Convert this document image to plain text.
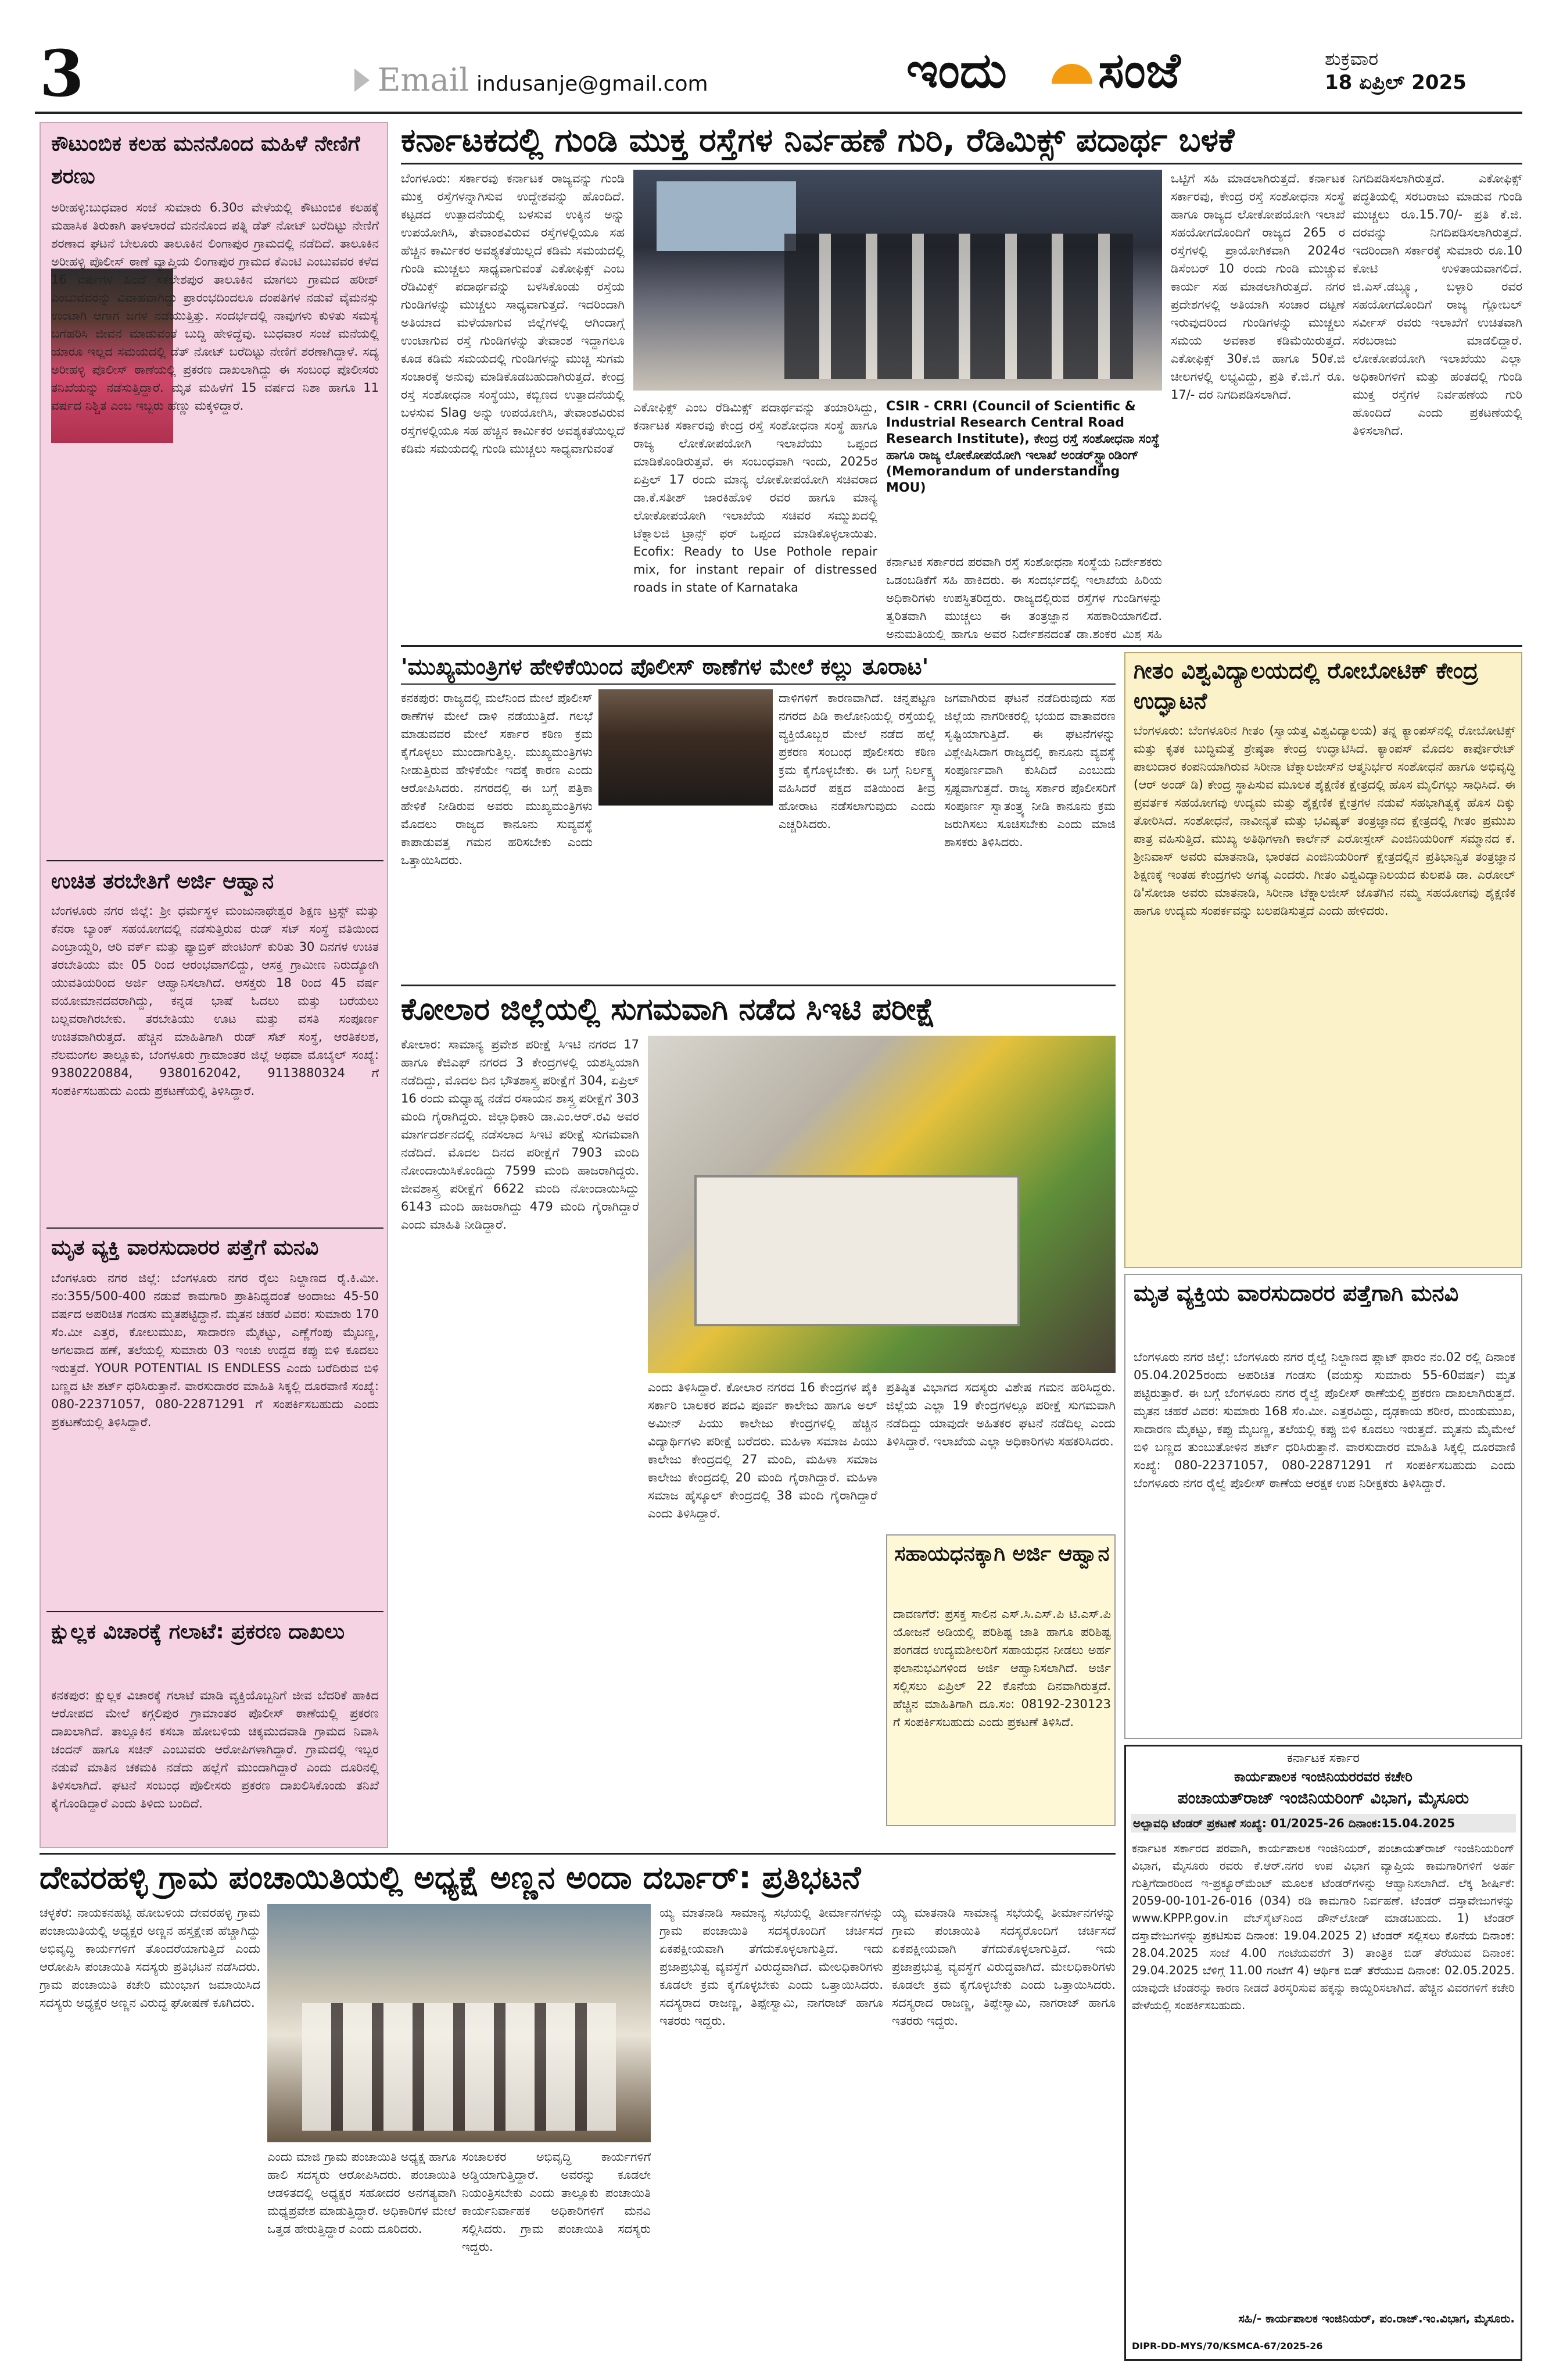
3	Email indusanje@gmail.com	ಇಂದು ಸಂಜೆ	ಶುಕ್ರವಾರ
18 ಏಪ್ರಿಲ್ 2025
ಕೌಟುಂಬಿಕ ಕಲಹ ಮನನೊಂದ ಮಹಿಳೆ ನೇಣಿಗೆ ಶರಣು
ಅರೀಹಳ್ಳಿ:ಬುಧವಾರ ಸಂಜೆ ಸುಮಾರು 6.30ರ ವೇಳೆಯಲ್ಲಿ ಕೌಟುಂಬಿಕ ಕಲಹಕ್ಕೆ ಮಹಾಸಿಕ ತಿರುಕಾಗಿ ತಾಳಲಾರದೆ ಮನನೊಂದ ಪತ್ನಿ ಡೆತ್ ನೋಟ್ ಬರೆದಿಟ್ಟು ನೇಣಿಗೆ ಶರಣಾದ ಘಟನೆ ಬೇಲೂರು ತಾಲೂಕಿನ ಲಿಂಗಾಪುರ ಗ್ರಾಮದಲ್ಲಿ ನಡೆದಿದೆ. ತಾಲೂಕಿನ ಅರೀಹಳ್ಳಿ ಪೊಲೀಸ್ ಠಾಣೆ ವ್ಯಾಪ್ತಿಯ ಲಿಂಗಾಪುರ ಗ್ರಾಮದ ಕೆಎಂಟಿ ಎಂಬುವವರ ಕಳೆದ 16 ವರ್ಷಗಳ ಹಿಂದೆ ಸಕಲೇಶಪುರ ತಾಲೂಕಿನ ಮಾಗಲು ಗ್ರಾಮದ ಹರೀಶ್ ಎಂಬುವವರನ್ನು ವಿವಾಹವಾಗಿದ್ದು ಪ್ರಾರಂಭದಿಂದಲೂ ದಂಪತಿಗಳ ನಡುವೆ ವೈಮನಸ್ಸು ಉಂಟಾಗಿ ಆಗಾಗ ಜಗಳ ನಡೆಯುತ್ತಿತ್ತು. ಸಂದರ್ಭದಲ್ಲಿ ನಾವುಗಳು ಕುಳಿತು ಸಮಸ್ಯೆ ಬಗೆಹರಿಸಿ ಜೀವನ ಮಾಡುವಂತೆ ಬುದ್ದಿ ಹೇಳಿದ್ದೆವು. ಬುಧವಾರ ಸಂಜೆ ಮನೆಯಲ್ಲಿ ಯಾರೂ ಇಲ್ಲದ ಸಮಯದಲ್ಲಿ ಡೆತ್ ನೋಟ್ ಬರೆದಿಟ್ಟು ನೇಣಿಗೆ ಶರಣಾಗಿದ್ದಾಳೆ. ಸದ್ಯ ಅರೀಹಳ್ಳಿ ಪೊಲೀಸ್ ಠಾಣೆಯಲ್ಲಿ ಪ್ರಕರಣ ದಾಖಲಾಗಿದ್ದು ಈ ಸಂಬಂಧ ಪೊಲೀಸರು ತನಿಖೆಯನ್ನು ನಡೆಸುತ್ತಿದ್ದಾರೆ. ಮೃತ ಮಹಿಳೆಗೆ 15 ವರ್ಷದ ನಿಶಾ ಹಾಗೂ 11 ವರ್ಷದ ನಿಶ್ಚಿತ ಎಂಬ ಇಬ್ಬರು ಹೆಣ್ಣು ಮಕ್ಕಳಿದ್ದಾರೆ.
ಉಚಿತ ತರಬೇತಿಗೆ ಅರ್ಜಿ ಆಹ್ವಾನ
ಬೆಂಗಳೂರು ನಗರ ಜಿಲ್ಲೆ: ಶ್ರೀ ಧರ್ಮಸ್ಥಳ ಮಂಜುನಾಥೇಶ್ವರ ಶಿಕ್ಷಣ ಟ್ರಸ್ಟ್ ಮತ್ತು ಕೆನರಾ ಬ್ಯಾಂಕ್ ಸಹಯೋಗದಲ್ಲಿ ನಡೆಸುತ್ತಿರುವ ರುಡ್ ಸೆಟ್ ಸಂಸ್ಥೆ ವತಿಯಿಂದ ಎಂಬ್ರಾಯ್ಡರಿ, ಆರಿ ವರ್ಕ್ ಮತ್ತು ಫ್ಯಾಬ್ರಿಕ್ ಪೇಂಟಿಂಗ್ ಕುರಿತು 30 ದಿನಗಳ ಉಚಿತ ತರಬೇತಿಯು ಮೇ 05 ರಿಂದ ಆರಂಭವಾಗಲಿದ್ದು, ಆಸಕ್ತ ಗ್ರಾಮೀಣ ನಿರುದ್ಯೋಗಿ ಯುವತಿಯರಿಂದ ಅರ್ಜಿ ಆಹ್ವಾನಿಸಲಾಗಿದೆ. ಆಸಕ್ತರು 18 ರಿಂದ 45 ವರ್ಷ ವಯೋಮಾನದವರಾಗಿದ್ದು, ಕನ್ನಡ ಭಾಷೆ ಓದಲು ಮತ್ತು ಬರೆಯಲು ಬಲ್ಲವರಾಗಿರಬೇಕು. ತರಬೇತಿಯು ಊಟ ಮತ್ತು ವಸತಿ ಸಂಪೂರ್ಣ ಉಚಿತವಾಗಿರುತ್ತದೆ. ಹೆಚ್ಚಿನ ಮಾಹಿತಿಗಾಗಿ ರುಡ್ ಸೆಟ್ ಸಂಸ್ಥೆ, ಆರತಿಕಲಶ, ನೆಲಮಂಗಲ ತಾಲ್ಲೂಕು, ಬೆಂಗಳೂರು ಗ್ರಾಮಾಂತರ ಜಿಲ್ಲೆ ಅಥವಾ ಮೊಬೈಲ್ ಸಂಖ್ಯೆ: 9380220884, 9380162042, 9113880324 ಗೆ ಸಂಪರ್ಕಿಸಬಹುದು ಎಂದು ಪ್ರಕಟಣೆಯಲ್ಲಿ ತಿಳಿಸಿದ್ದಾರೆ.
ಮೃತ ವ್ಯಕ್ತಿ ವಾರಸುದಾರರ ಪತ್ತೆಗೆ ಮನವಿ
ಬೆಂಗಳೂರು ನಗರ ಜಿಲ್ಲೆ: ಬೆಂಗಳೂರು ನಗರ ರೈಲು ನಿಲ್ದಾಣದ ರೈ.ಕಿ.ಮೀ. ನಂ:355/500-400 ನಡುವೆ ಕಾಮಗಾರಿ ಪ್ರಾತಿನಿಧ್ಯದಂತೆ ಅಂದಾಜು 45-50 ವರ್ಷದ ಅಪರಿಚಿತ ಗಂಡಸು ಮೃತಪಟ್ಟಿದ್ದಾನೆ. ಮೃತನ ಚಹರೆ ವಿವರ: ಸುಮಾರು 170 ಸೆಂ.ಮೀ ಎತ್ತರ, ಕೋಲುಮುಖ, ಸಾದಾರಣ ಮೈಕಟ್ಟು, ಎಣ್ಣೆಗೆಂಪು ಮೈಬಣ್ಣ, ಅಗಲವಾದ ಹಣೆ, ತಲೆಯಲ್ಲಿ ಸುಮಾರು 03 ಇಂಚು ಉದ್ದದ ಕಪ್ಪು ಬಿಳಿ ಕೂದಲು ಇರುತ್ತದೆ. YOUR POTENTIAL IS ENDLESS ಎಂದು ಬರೆದಿರುವ ಬಿಳಿ ಬಣ್ಣದ ಟೀ ಶರ್ಟ್ ಧರಿಸಿರುತ್ತಾನೆ. ವಾರಸುದಾರರ ಮಾಹಿತಿ ಸಿಕ್ಕಲ್ಲಿ ದೂರವಾಣಿ ಸಂಖ್ಯೆ: 080-22371057, 080-22871291 ಗೆ ಸಂಪರ್ಕಿಸಬಹುದು ಎಂದು ಪ್ರಕಟಣೆಯಲ್ಲಿ ತಿಳಿಸಿದ್ದಾರೆ.
ಕ್ಷುಲ್ಲಕ ವಿಚಾರಕ್ಕೆ ಗಲಾಟೆ: ಪ್ರಕರಣ ದಾಖಲು
ಕನಕಪುರ: ಕ್ಷುಲ್ಲಕ ವಿಚಾರಕ್ಕೆ ಗಲಾಟೆ ಮಾಡಿ ವ್ಯಕ್ತಿಯೊಬ್ಬನಿಗೆ ಜೀವ ಬೆದರಿಕೆ ಹಾಕಿದ ಆರೋಪದ ಮೇಲೆ ಕಗ್ಗಲಿಪುರ ಗ್ರಾಮಾಂತರ ಪೊಲೀಸ್ ಠಾಣೆಯಲ್ಲಿ ಪ್ರಕರಣ ದಾಖಲಾಗಿದೆ. ತಾಲ್ಲೂಕಿನ ಕಸಬಾ ಹೋಬಳಿಯ ಚಿಕ್ಕಮುದವಾಡಿ ಗ್ರಾಮದ ನಿವಾಸಿ ಚಂದನ್ ಹಾಗೂ ಸಚಿನ್ ಎಂಬುವರು ಆರೋಪಿಗಳಾಗಿದ್ದಾರೆ. ಗ್ರಾಮದಲ್ಲಿ ಇಬ್ಬರ ನಡುವೆ ಮಾತಿನ ಚಕಮಕಿ ನಡೆದು ಹಲ್ಲೆಗೆ ಮುಂದಾಗಿದ್ದಾರೆ ಎಂದು ದೂರಿನಲ್ಲಿ ತಿಳಿಸಲಾಗಿದೆ. ಘಟನೆ ಸಂಬಂಧ ಪೊಲೀಸರು ಪ್ರಕರಣ ದಾಖಲಿಸಿಕೊಂಡು ತನಿಖೆ ಕೈಗೊಂಡಿದ್ದಾರೆ ಎಂದು ತಿಳಿದು ಬಂದಿದೆ.
ಕರ್ನಾಟಕದಲ್ಲಿ ಗುಂಡಿ ಮುಕ್ತ ರಸ್ತೆಗಳ ನಿರ್ವಹಣೆ ಗುರಿ, ರೆಡಿಮಿಕ್ಸ್ ಪದಾರ್ಥ ಬಳಕೆ
ಬೆಂಗಳೂರು: ಸರ್ಕಾರವು ಕರ್ನಾಟಕ ರಾಜ್ಯವನ್ನು ಗುಂಡಿ ಮುಕ್ತ ರಸ್ತೆಗಳನ್ನಾಗಿಸುವ ಉದ್ದೇಶವನ್ನು ಹೊಂದಿದೆ. ಕಟ್ಟಡದ ಉತ್ಪಾದನೆಯಲ್ಲಿ ಬಳಸುವ ಉಕ್ಕಿನ ಅನ್ನು ಉಪಯೋಗಿಸಿ, ತೇವಾಂಶವಿರುವ ರಸ್ತೆಗಳಲ್ಲಿಯೂ ಸಹ ಹೆಚ್ಚಿನ ಕಾರ್ಮಿಕರ ಅವಶ್ಯಕತೆಯಿಲ್ಲದೆ ಕಡಿಮೆ ಸಮಯದಲ್ಲಿ ಗುಂಡಿ ಮುಚ್ಚಲು ಸಾಧ್ಯವಾಗುವಂತೆ ಎಕೋಫಿಕ್ಸ್ ಎಂಬ ರೆಡಿಮಿಕ್ಸ್ ಪದಾರ್ಥವನ್ನು ಬಳಸಿಕೊಂಡು ರಸ್ತೆಯ ಗುಂಡಿಗಳನ್ನು ಮುಚ್ಚಲು ಸಾಧ್ಯವಾಗುತ್ತದೆ. ಇದರಿಂದಾಗಿ ಅತಿಯಾದ ಮಳೆಯಾಗುವ ಜಿಲ್ಲೆಗಳಲ್ಲಿ ಆಗಿಂದಾಗ್ಗೆ ಉಂಟಾಗುವ ರಸ್ತೆ ಗುಂಡಿಗಳನ್ನು ತೇವಾಂಶ ಇದ್ದಾಗಲೂ ಕೂಡ ಕಡಿಮೆ ಸಮಯದಲ್ಲಿ ಗುಂಡಿಗಳನ್ನು ಮುಚ್ಚಿ ಸುಗಮ ಸಂಚಾರಕ್ಕೆ ಅನುವು ಮಾಡಿಕೊಡಬಹುದಾಗಿರುತ್ತದೆ. ಕೇಂದ್ರ ರಸ್ತೆ ಸಂಶೋಧನಾ ಸಂಸ್ಥೆಯು, ಕಬ್ಬಿಣದ ಉತ್ಪಾದನೆಯಲ್ಲಿ ಬಳಸುವ Slag ಅನ್ನು ಉಪಯೋಗಿಸಿ, ತೇವಾಂಶವಿರುವ ರಸ್ತೆಗಳಲ್ಲಿಯೂ ಸಹ ಹೆಚ್ಚಿನ ಕಾರ್ಮಿಕರ ಅವಶ್ಯಕತೆಯಿಲ್ಲದೆ ಕಡಿಮೆ ಸಮಯದಲ್ಲಿ ಗುಂಡಿ ಮುಚ್ಚಲು ಸಾಧ್ಯವಾಗುವಂತೆ
ಎಕೋಫಿಕ್ಸ್ ಎಂಬ ರೆಡಿಮಿಕ್ಸ್ ಪದಾರ್ಥವನ್ನು ತಯಾರಿಸಿದ್ದು, ಕರ್ನಾಟಕ ಸರ್ಕಾರವು ಕೇಂದ್ರ ರಸ್ತೆ ಸಂಶೋಧನಾ ಸಂಸ್ಥೆ ಹಾಗೂ ರಾಜ್ಯ ಲೋಕೋಪಯೋಗಿ ಇಲಾಖೆಯು ಒಪ್ಪಂದ ಮಾಡಿಕೊಂಡಿರುತ್ತವೆ. ಈ ಸಂಬಂಧವಾಗಿ ಇಂದು, 2025ರ ಏಪ್ರಿಲ್ 17 ರಂದು ಮಾನ್ಯ ಲೋಕೋಪಯೋಗಿ ಸಚಿವರಾದ ಡಾ.ಕೆ.ಸತೀಶ್ ಜಾರಕಿಹೊಳಿ ರವರ ಹಾಗೂ ಮಾನ್ಯ ಲೋಕೋಪಯೋಗಿ ಇಲಾಖೆಯ ಸಚಿವರ ಸಮ್ಮುಖದಲ್ಲಿ ಟೆಕ್ನಾಲಜಿ ಟ್ರಾನ್ಸ್ ಫರ್ ಒಪ್ಪಂದ ಮಾಡಿಕೊಳ್ಳಲಾಯಿತು. Ecofix: Ready to Use Pothole repair mix, for instant repair of distressed roads in state of Karnataka
CSIR - CRRI (Council of Scientific & Industrial Research Central Road Research Institute), ಕೇಂದ್ರ ರಸ್ತೆ ಸಂಶೋಧನಾ ಸಂಸ್ಥೆ ಹಾಗೂ ರಾಜ್ಯ ಲೋಕೋಪಯೋಗಿ ಇಲಾಖೆ ಅಂಡರ್‌ಸ್ಟ್ಯಾಂಡಿಂಗ್ (Memorandum of understanding MOU)
ಕರ್ನಾಟಕ ಸರ್ಕಾರದ ಪರವಾಗಿ ರಸ್ತೆ ಸಂಶೋಧನಾ ಸಂಸ್ಥೆಯ ನಿರ್ದೇಶಕರು ಒಡಂಬಡಿಕೆಗೆ ಸಹಿ ಹಾಕಿದರು. ಈ ಸಂದರ್ಭದಲ್ಲಿ ಇಲಾಖೆಯ ಹಿರಿಯ ಅಧಿಕಾರಿಗಳು ಉಪಸ್ಥಿತರಿದ್ದರು. ರಾಜ್ಯದಲ್ಲಿರುವ ರಸ್ತೆಗಳ ಗುಂಡಿಗಳನ್ನು ತ್ವರಿತವಾಗಿ ಮುಚ್ಚಲು ಈ ತಂತ್ರಜ್ಞಾನ ಸಹಕಾರಿಯಾಗಲಿದೆ. ಅನುಮತಿಯಲ್ಲಿ ಹಾಗೂ ಅವರ ನಿರ್ದೇಶನದಂತೆ ಡಾ.ಶಂಕರ ಮಿಶ್ರ ಸಹಿ
ಒಟ್ಟಿಗೆ ಸಹಿ ಮಾಡಲಾಗಿರುತ್ತದೆ. ಕರ್ನಾಟಕ ಸರ್ಕಾರವು, ಕೇಂದ್ರ ರಸ್ತೆ ಸಂಶೋಧನಾ ಸಂಸ್ಥೆ ಹಾಗೂ ರಾಜ್ಯದ ಲೋಕೋಪಯೋಗಿ ಇಲಾಖೆ ಸಹಯೋಗದೊಂದಿಗೆ ರಾಜ್ಯದ 265 ರ ರಸ್ತೆಗಳಲ್ಲಿ ಪ್ರಾಯೋಗಿಕವಾಗಿ 2024ರ ಡಿಸೆಂಬರ್ 10 ರಂದು ಗುಂಡಿ ಮುಚ್ಚುವ ಕಾರ್ಯ ಸಹ ಮಾಡಲಾಗಿರುತ್ತದೆ. ನಗರ ಪ್ರದೇಶಗಳಲ್ಲಿ ಅತಿಯಾಗಿ ಸಂಚಾರ ದಟ್ಟಣೆ ಇರುವುದರಿಂದ ಗುಂಡಿಗಳನ್ನು ಮುಚ್ಚಲು ಸಮಯ ಅವಕಾಶ ಕಡಿಮೆಯಿರುತ್ತದೆ. ಎಕೋಫಿಕ್ಸ್ 30ಕೆ.ಜಿ ಹಾಗೂ 50ಕೆ.ಜಿ ಚೀಲಗಳಲ್ಲಿ ಲಭ್ಯವಿದ್ದು, ಪ್ರತಿ ಕೆ.ಜಿ.ಗೆ ರೂ. 17/- ದರ ನಿಗದಿಪಡಿಸಲಾಗಿದೆ.
ನಿಗದಿಪಡಿಸಲಾಗಿರುತ್ತದೆ. ಎಕೋಫಿಕ್ಸ್ ಪದ್ಧತಿಯಲ್ಲಿ ಸರಬರಾಜು ಮಾಡುವ ಗುಂಡಿ ಮುಚ್ಚಲು ರೂ.15.70/- ಪ್ರತಿ ಕೆ.ಜಿ. ದರವನ್ನು ನಿಗದಿಪಡಿಸಲಾಗಿರುತ್ತದೆ. ಇದರಿಂದಾಗಿ ಸರ್ಕಾರಕ್ಕೆ ಸುಮಾರು ರೂ.10 ಕೋಟಿ ಉಳಿತಾಯವಾಗಲಿದೆ. ಜಿ.ಎಸ್.ಡಬ್ಲ್ಯೂ, ಬಳ್ಳಾರಿ ರವರ ಸಹಯೋಗದೊಂದಿಗೆ ರಾಜ್ಯ ಗ್ಲೋಬಲ್ ಸರ್ವೀಸ್ ರವರು ಇಲಾಖೆಗೆ ಉಚಿತವಾಗಿ ಸರಬರಾಜು ಮಾಡಲಿದ್ದಾರೆ. ಲೋಕೋಪಯೋಗಿ ಇಲಾಖೆಯು ಎಲ್ಲಾ ಅಧಿಕಾರಿಗಳಿಗೆ ಮತ್ತು ಹಂತದಲ್ಲಿ ಗುಂಡಿ ಮುಕ್ತ ರಸ್ತೆಗಳ ನಿರ್ವಹಣೆಯ ಗುರಿ ಹೊಂದಿದೆ ಎಂದು ಪ್ರಕಟಣೆಯಲ್ಲಿ ತಿಳಿಸಲಾಗಿದೆ.
'ಮುಖ್ಯಮಂತ್ರಿಗಳ ಹೇಳಿಕೆಯಿಂದ ಪೊಲೀಸ್ ಠಾಣೆಗಳ ಮೇಲೆ ಕಲ್ಲು ತೂರಾಟ'
ಕನಕಪುರ: ರಾಜ್ಯದಲ್ಲಿ ಮಲೆನಿಂದ ಮೇಲೆ ಪೊಲೀಸ್ ಠಾಣೆಗಳ ಮೇಲೆ ದಾಳಿ ನಡೆಯುತ್ತಿದೆ. ಗಲಭೆ ಮಾಡುವವರ ಮೇಲೆ ಸರ್ಕಾರ ಕಠಿಣ ಕ್ರಮ ಕೈಗೊಳ್ಳಲು ಮುಂದಾಗುತ್ತಿಲ್ಲ. ಮುಖ್ಯಮಂತ್ರಿಗಳು ನೀಡುತ್ತಿರುವ ಹೇಳಿಕೆಯೇ ಇದಕ್ಕೆ ಕಾರಣ ಎಂದು ಆರೋಪಿಸಿದರು. ನಗರದಲ್ಲಿ ಈ ಬಗ್ಗೆ ಪತ್ರಿಕಾ ಹೇಳಿಕೆ ನೀಡಿರುವ ಅವರು ಮುಖ್ಯಮಂತ್ರಿಗಳು ಮೊದಲು ರಾಜ್ಯದ ಕಾನೂನು ಸುವ್ಯವಸ್ಥೆ ಕಾಪಾಡುವತ್ತ ಗಮನ ಹರಿಸಬೇಕು ಎಂದು ಒತ್ತಾಯಿಸಿದರು.
ದಾಳಿಗಳಿಗೆ ಕಾರಣವಾಗಿದೆ. ಚನ್ನಪಟ್ಟಣ ನಗರದ ಪಿಡಿ ಕಾಲೋನಿಯಲ್ಲಿ ರಸ್ತೆಯಲ್ಲಿ ವ್ಯಕ್ತಿಯೊಬ್ಬರ ಮೇಲೆ ನಡೆದ ಹಲ್ಲೆ ಪ್ರಕರಣ ಸಂಬಂಧ ಪೊಲೀಸರು ಕಠಿಣ ಕ್ರಮ ಕೈಗೊಳ್ಳಬೇಕು. ಈ ಬಗ್ಗೆ ನಿರ್ಲಕ್ಷ್ಯ ವಹಿಸಿದರೆ ಪಕ್ಷದ ವತಿಯಿಂದ ತೀವ್ರ ಹೋರಾಟ ನಡೆಸಲಾಗುವುದು ಎಂದು ಎಚ್ಚರಿಸಿದರು.
ಜಗವಾಗಿರುವ ಘಟನೆ ನಡೆದಿರುವುದು ಸಹ ಜಿಲ್ಲೆಯ ನಾಗರೀಕರಲ್ಲಿ ಭಯದ ವಾತಾವರಣ ಸೃಷ್ಟಿಯಾಗುತ್ತಿದೆ. ಈ ಘಟನೆಗಳನ್ನು ವಿಶ್ಲೇಷಿಸಿದಾಗ ರಾಜ್ಯದಲ್ಲಿ ಕಾನೂನು ವ್ಯವಸ್ಥೆ ಸಂಪೂರ್ಣವಾಗಿ ಕುಸಿದಿದೆ ಎಂಬುದು ಸ್ಪಷ್ಟವಾಗುತ್ತದೆ. ರಾಜ್ಯ ಸರ್ಕಾರ ಪೊಲೀಸರಿಗೆ ಸಂಪೂರ್ಣ ಸ್ವಾತಂತ್ರ್ಯ ನೀಡಿ ಕಾನೂನು ಕ್ರಮ ಜರುಗಿಸಲು ಸೂಚಿಸಬೇಕು ಎಂದು ಮಾಜಿ ಶಾಸಕರು ತಿಳಿಸಿದರು.
ಕೋಲಾರ ಜಿಲ್ಲೆಯಲ್ಲಿ ಸುಗಮವಾಗಿ ನಡೆದ ಸಿಇಟಿ ಪರೀಕ್ಷೆ
ಕೋಲಾರ: ಸಾಮಾನ್ಯ ಪ್ರವೇಶ ಪರೀಕ್ಷೆ ಸಿಇಟಿ ನಗರದ 17 ಹಾಗೂ ಕೆಜಿಎಫ್ ನಗರದ 3 ಕೇಂದ್ರಗಳಲ್ಲಿ ಯಶಸ್ವಿಯಾಗಿ ನಡೆದಿದ್ದು, ಮೊದಲ ದಿನ ಭೌತಶಾಸ್ತ್ರ ಪರೀಕ್ಷೆಗೆ 304, ಏಪ್ರಿಲ್ 16 ರಂದು ಮಧ್ಯಾಹ್ನ ನಡೆದ ರಸಾಯನ ಶಾಸ್ತ್ರ ಪರೀಕ್ಷೆಗೆ 303 ಮಂದಿ ಗೈರಾಗಿದ್ದರು. ಜಿಲ್ಲಾಧಿಕಾರಿ ಡಾ.ಎಂ.ಆರ್.ರವಿ ಅವರ ಮಾರ್ಗದರ್ಶನದಲ್ಲಿ ನಡೆಸಲಾದ ಸಿಇಟಿ ಪರೀಕ್ಷೆ ಸುಗಮವಾಗಿ ನಡೆದಿದೆ. ಮೊದಲ ದಿನದ ಪರೀಕ್ಷೆಗೆ 7903 ಮಂದಿ ನೋಂದಾಯಿಸಿಕೊಂಡಿದ್ದು 7599 ಮಂದಿ ಹಾಜರಾಗಿದ್ದರು. ಜೀವಶಾಸ್ತ್ರ ಪರೀಕ್ಷೆಗೆ 6622 ಮಂದಿ ನೋಂದಾಯಿಸಿದ್ದು 6143 ಮಂದಿ ಹಾಜರಾಗಿದ್ದು 479 ಮಂದಿ ಗೈರಾಗಿದ್ದಾರೆ ಎಂದು ಮಾಹಿತಿ ನೀಡಿದ್ದಾರೆ.
ಎಂದು ತಿಳಿಸಿದ್ದಾರೆ. ಕೋಲಾರ ನಗರದ 16 ಕೇಂದ್ರಗಳ ಪೈಕಿ ಸರ್ಕಾರಿ ಬಾಲಕರ ಪದವಿ ಪೂರ್ವ ಕಾಲೇಜು ಹಾಗೂ ಅಲ್ ಅಮೀನ್ ಪಿಯು ಕಾಲೇಜು ಕೇಂದ್ರಗಳಲ್ಲಿ ಹೆಚ್ಚಿನ ವಿದ್ಯಾರ್ಥಿಗಳು ಪರೀಕ್ಷೆ ಬರೆದರು. ಮಹಿಳಾ ಸಮಾಜ ಪಿಯು ಕಾಲೇಜು ಕೇಂದ್ರದಲ್ಲಿ 27 ಮಂದಿ, ಮಹಿಳಾ ಸಮಾಜ ಕಾಲೇಜು ಕೇಂದ್ರದಲ್ಲಿ 20 ಮಂದಿ ಗೈರಾಗಿದ್ದಾರೆ. ಮಹಿಳಾ ಸಮಾಜ ಹೈಸ್ಕೂಲ್ ಕೇಂದ್ರದಲ್ಲಿ 38 ಮಂದಿ ಗೈರಾಗಿದ್ದಾರೆ ಎಂದು ತಿಳಿಸಿದ್ದಾರೆ.
ಪ್ರತಿಷ್ಠಿತ ವಿಭಾಗದ ಸದಸ್ಯರು ವಿಶೇಷ ಗಮನ ಹರಿಸಿದ್ದರು. ಜಿಲ್ಲೆಯ ಎಲ್ಲಾ 19 ಕೇಂದ್ರಗಳಲ್ಲೂ ಪರೀಕ್ಷೆ ಸುಗಮವಾಗಿ ನಡೆದಿದ್ದು ಯಾವುದೇ ಅಹಿತಕರ ಘಟನೆ ನಡೆದಿಲ್ಲ ಎಂದು ತಿಳಿಸಿದ್ದಾರೆ. ಇಲಾಖೆಯ ಎಲ್ಲಾ ಅಧಿಕಾರಿಗಳು ಸಹಕರಿಸಿದರು.
ಸಹಾಯಧನಕ್ಕಾಗಿ ಅರ್ಜಿ ಆಹ್ವಾನ
ದಾವಣಗೆರೆ: ಪ್ರಸಕ್ತ ಸಾಲಿನ ಎಸ್.ಸಿ.ಎಸ್.ಪಿ ಟಿ.ಎಸ್.ಪಿ ಯೋಜನೆ ಅಡಿಯಲ್ಲಿ ಪರಿಶಿಷ್ಟ ಜಾತಿ ಹಾಗೂ ಪರಿಶಿಷ್ಟ ಪಂಗಡದ ಉದ್ಯಮಶೀಲರಿಗೆ ಸಹಾಯಧನ ನೀಡಲು ಅರ್ಹ ಫಲಾನುಭವಿಗಳಿಂದ ಅರ್ಜಿ ಆಹ್ವಾನಿಸಲಾಗಿದೆ. ಅರ್ಜಿ ಸಲ್ಲಿಸಲು ಏಪ್ರಿಲ್ 22 ಕೊನೆಯ ದಿನವಾಗಿರುತ್ತದೆ. ಹೆಚ್ಚಿನ ಮಾಹಿತಿಗಾಗಿ ದೂ.ಸಂ: 08192-230123 ಗೆ ಸಂಪರ್ಕಿಸಬಹುದು ಎಂದು ಪ್ರಕಟಣೆ ತಿಳಿಸಿದೆ.
ಗೀತಂ ವಿಶ್ವವಿದ್ಯಾಲಯದಲ್ಲಿ ರೋಬೋಟಿಕ್ ಕೇಂದ್ರ ಉದ್ಘಾಟನೆ
ಬೆಂಗಳೂರು: ಬೆಂಗಳೂರಿನ ಗೀತಂ (ಸ್ವಾಯತ್ತ ವಿಶ್ವವಿದ್ಯಾಲಯ) ತನ್ನ ಕ್ಯಾಂಪಸ್‌ನಲ್ಲಿ ರೋಬೋಟಿಕ್ಸ್ ಮತ್ತು ಕೃತಕ ಬುದ್ಧಿಮತ್ತೆ ಶ್ರೇಷ್ಠತಾ ಕೇಂದ್ರ ಉದ್ಘಾಟಿಸಿದೆ. ಕ್ಯಾಂಪಸ್ ಮೊದಲ ಕಾರ್ಪೊರೇಟ್ ಪಾಲುದಾರ ಕಂಪನಿಯಾಗಿರುವ ಸಿರೀನಾ ಟೆಕ್ನಾಲಜೀಸ್‌ನ ಆತ್ಮನಿರ್ಭರ ಸಂಶೋಧನೆ ಹಾಗೂ ಅಭಿವೃದ್ಧಿ (ಆರ್ ಅಂಡ್ ಡಿ) ಕೇಂದ್ರ ಸ್ಥಾಪಿಸುವ ಮೂಲಕ ಶೈಕ್ಷಣಿಕ ಕ್ಷೇತ್ರದಲ್ಲಿ ಹೊಸ ಮೈಲಿಗಲ್ಲು ಸಾಧಿಸಿದೆ. ಈ ಪ್ರವರ್ತಕ ಸಹಯೋಗವು ಉದ್ಯಮ ಮತ್ತು ಶೈಕ್ಷಣಿಕ ಕ್ಷೇತ್ರಗಳ ನಡುವೆ ಸಹಭಾಗಿತ್ವಕ್ಕೆ ಹೊಸ ದಿಕ್ಕು ತೋರಿಸಿದೆ. ಸಂಶೋಧನೆ, ನಾವೀನ್ಯತೆ ಮತ್ತು ಭವಿಷ್ಯತ್ ತಂತ್ರಜ್ಞಾನದ ಕ್ಷೇತ್ರದಲ್ಲಿ ಗೀತಂ ಪ್ರಮುಖ ಪಾತ್ರ ವಹಿಸುತ್ತಿದೆ. ಮುಖ್ಯ ಅತಿಥಿಗಳಾಗಿ ಕಾರ್ಲೆನ್ ಎರೋಸ್ಪೇಸ್ ಎಂಜಿನಿಯರಿಂಗ್ ಸಮ್ಮಾನದ ಕೆ. ಶ್ರೀನಿವಾಸ್ ಅವರು ಮಾತನಾಡಿ, ಭಾರತದ ಎಂಜಿನಿಯರಿಂಗ್ ಕ್ಷೇತ್ರದಲ್ಲಿನ ಪ್ರತಿಭಾನ್ವಿತ ತಂತ್ರಜ್ಞಾನ ಶಿಕ್ಷಣಕ್ಕೆ ಇಂತಹ ಕೇಂದ್ರಗಳು ಅಗತ್ಯ ಎಂದರು. ಗೀತಂ ವಿಶ್ವವಿದ್ಯಾನಿಲಯದ ಕುಲಪತಿ ಡಾ. ಎರೋಲ್ ಡಿ'ಸೋಜಾ ಅವರು ಮಾತನಾಡಿ, ಸಿರೀನಾ ಟೆಕ್ನಾಲಜೀಸ್ ಜೊತೆಗಿನ ನಮ್ಮ ಸಹಯೋಗವು ಶೈಕ್ಷಣಿಕ ಹಾಗೂ ಉದ್ಯಮ ಸಂಪರ್ಕವನ್ನು ಬಲಪಡಿಸುತ್ತದೆ ಎಂದು ಹೇಳಿದರು.
ಮೃತ ವ್ಯಕ್ತಿಯ ವಾರಸುದಾರರ ಪತ್ತೆಗಾಗಿ ಮನವಿ
ಬೆಂಗಳೂರು ನಗರ ಜಿಲ್ಲೆ: ಬೆಂಗಳೂರು ನಗರ ರೈಲ್ವೆ ನಿಲ್ದಾಣದ ಪ್ಲಾಟ್ ಫಾರಂ ನಂ.02 ರಲ್ಲಿ ದಿನಾಂಕ 05.04.2025ರಂದು ಅಪರಿಚಿತ ಗಂಡಸು (ವಯಸ್ಸು ಸುಮಾರು 55-60ವರ್ಷ) ಮೃತ ಪಟ್ಟಿರುತ್ತಾರೆ. ಈ ಬಗ್ಗೆ ಬೆಂಗಳೂರು ನಗರ ರೈಲ್ವೆ ಪೊಲೀಸ್ ಠಾಣೆಯಲ್ಲಿ ಪ್ರಕರಣ ದಾಖಲಾಗಿರುತ್ತದೆ. ಮೃತನ ಚಹರೆ ವಿವರ: ಸುಮಾರು 168 ಸೆಂ.ಮೀ. ಎತ್ತರವಿದ್ದು, ದೃಢಕಾಯ ಶರೀರ, ದುಂಡುಮುಖ, ಸಾದಾರಣ ಮೈಕಟ್ಟು, ಕಪ್ಪು ಮೈಬಣ್ಣ, ತಲೆಯಲ್ಲಿ ಕಪ್ಪು ಬಿಳಿ ಕೂದಲು ಇರುತ್ತದೆ. ಮೃತನು ಮೈಮೇಲೆ ಬಿಳಿ ಬಣ್ಣದ ತುಂಬುತೋಳಿನ ಶರ್ಟ್ ಧರಿಸಿರುತ್ತಾನೆ. ವಾರಸುದಾರರ ಮಾಹಿತಿ ಸಿಕ್ಕಲ್ಲಿ ದೂರವಾಣಿ ಸಂಖ್ಯೆ: 080-22371057, 080-22871291 ಗೆ ಸಂಪರ್ಕಿಸಬಹುದು ಎಂದು ಬೆಂಗಳೂರು ನಗರ ರೈಲ್ವೆ ಪೊಲೀಸ್ ಠಾಣೆಯ ಆರಕ್ಷಕ ಉಪ ನಿರೀಕ್ಷಕರು ತಿಳಿಸಿದ್ದಾರೆ.
ಕರ್ನಾಟಕ ಸರ್ಕಾರ
ಕಾರ್ಯಪಾಲಕ ಇಂಜಿನಿಯರರವರ ಕಚೇರಿ
ಪಂಚಾಯತ್‌ರಾಜ್ ಇಂಜಿನಿಯರಿಂಗ್ ವಿಭಾಗ, ಮೈಸೂರು
ಅಲ್ಪಾವಧಿ ಟೆಂಡರ್ ಪ್ರಕಟಣೆ ಸಂಖ್ಯೆ: 01/2025-26 ದಿನಾಂಕ:15.04.2025
ಕರ್ನಾಟಕ ಸರ್ಕಾರದ ಪರವಾಗಿ, ಕಾರ್ಯಪಾಲಕ ಇಂಜಿನಿಯರ್, ಪಂಚಾಯತ್‌ರಾಜ್ ಇಂಜಿನಿಯರಿಂಗ್ ವಿಭಾಗ, ಮೈಸೂರು ರವರು ಕೆ.ಆರ್.ನಗರ ಉಪ ವಿಭಾಗ ವ್ಯಾಪ್ತಿಯ ಕಾಮಗಾರಿಗಳಿಗೆ ಅರ್ಹ ಗುತ್ತಿಗೆದಾರರಿಂದ ಇ-ಪ್ರಕ್ಯೂರ್‌ಮೆಂಟ್ ಮೂಲಕ ಟೆಂಡರ್‌ಗಳನ್ನು ಆಹ್ವಾನಿಸಲಾಗಿದೆ. ಲೆಕ್ಕ ಶೀರ್ಷಿಕೆ: 2059-00-101-26-016 (034) ರಡಿ ಕಾಮಗಾರಿ ನಿರ್ವಹಣೆ. ಟೆಂಡರ್ ದಸ್ತಾವೇಜುಗಳನ್ನು www.KPPP.gov.in ವೆಬ್‌ಸೈಟ್‌ನಿಂದ ಡೌನ್‌ಲೋಡ್ ಮಾಡಬಹುದು. 1) ಟೆಂಡರ್ ದಸ್ತಾವೇಜುಗಳನ್ನು ಪ್ರಕಟಿಸುವ ದಿನಾಂಕ: 19.04.2025 2) ಟೆಂಡರ್ ಸಲ್ಲಿಸಲು ಕೊನೆಯ ದಿನಾಂಕ: 28.04.2025 ಸಂಜೆ 4.00 ಗಂಟೆಯವರೆಗೆ 3) ತಾಂತ್ರಿಕ ಬಿಡ್ ತೆರೆಯುವ ದಿನಾಂಕ: 29.04.2025 ಬೆಳಿಗ್ಗೆ 11.00 ಗಂಟೆಗೆ 4) ಆರ್ಥಿಕ ಬಿಡ್ ತೆರೆಯುವ ದಿನಾಂಕ: 02.05.2025. ಯಾವುದೇ ಟೆಂಡರನ್ನು ಕಾರಣ ನೀಡದೆ ತಿರಸ್ಕರಿಸುವ ಹಕ್ಕನ್ನು ಕಾಯ್ದಿರಿಸಲಾಗಿದೆ. ಹೆಚ್ಚಿನ ವಿವರಗಳಿಗೆ ಕಚೇರಿ ವೇಳೆಯಲ್ಲಿ ಸಂಪರ್ಕಿಸಬಹುದು.
ಸಹಿ/- ಕಾರ್ಯಪಾಲಕ ಇಂಜಿನಿಯರ್, ಪಂ.ರಾಜ್.ಇಂ.ವಿಭಾಗ, ಮೈಸೂರು.
DIPR-DD-MYS/70/KSMCA-67/2025-26
ದೇವರಹಳ್ಳಿ ಗ್ರಾಮ ಪಂಚಾಯಿತಿಯಲ್ಲಿ ಅಧ್ಯಕ್ಷೆ ಅಣ್ಣನ ಅಂದಾ ದರ್ಬಾರ್: ಪ್ರತಿಭಟನೆ
ಚಳ್ಳಕೆರೆ: ನಾಯಕನಹಟ್ಟಿ ಹೋಬಳಿಯ ದೇವರಹಳ್ಳಿ ಗ್ರಾಮ ಪಂಚಾಯಿತಿಯಲ್ಲಿ ಅಧ್ಯಕ್ಷರ ಅಣ್ಣನ ಹಸ್ತಕ್ಷೇಪ ಹೆಚ್ಚಾಗಿದ್ದು ಅಭಿವೃದ್ಧಿ ಕಾರ್ಯಗಳಿಗೆ ತೊಂದರೆಯಾಗುತ್ತಿದೆ ಎಂದು ಆರೋಪಿಸಿ ಪಂಚಾಯಿತಿ ಸದಸ್ಯರು ಪ್ರತಿಭಟನೆ ನಡೆಸಿದರು. ಗ್ರಾಮ ಪಂಚಾಯಿತಿ ಕಚೇರಿ ಮುಂಭಾಗ ಜಮಾಯಿಸಿದ ಸದಸ್ಯರು ಅಧ್ಯಕ್ಷರ ಅಣ್ಣನ ವಿರುದ್ಧ ಘೋಷಣೆ ಕೂಗಿದರು.
ಎಂದು ಮಾಜಿ ಗ್ರಾಮ ಪಂಚಾಯಿತಿ ಅಧ್ಯಕ್ಷ ಹಾಗೂ ಹಾಲಿ ಸದಸ್ಯರು ಆರೋಪಿಸಿದರು. ಪಂಚಾಯಿತಿ ಆಡಳಿತದಲ್ಲಿ ಅಧ್ಯಕ್ಷರ ಸಹೋದರ ಅನಗತ್ಯವಾಗಿ ಮಧ್ಯಪ್ರವೇಶ ಮಾಡುತ್ತಿದ್ದಾರೆ. ಅಧಿಕಾರಿಗಳ ಮೇಲೆ ಒತ್ತಡ ಹೇರುತ್ತಿದ್ದಾರೆ ಎಂದು ದೂರಿದರು.
ಸಂಚಾಲಕರ ಅಭಿವೃದ್ಧಿ ಕಾರ್ಯಗಳಿಗೆ ಅಡ್ಡಿಯಾಗುತ್ತಿದ್ದಾರೆ. ಅವರನ್ನು ಕೂಡಲೇ ನಿಯಂತ್ರಿಸಬೇಕು ಎಂದು ತಾಲ್ಲೂಕು ಪಂಚಾಯಿತಿ ಕಾರ್ಯನಿರ್ವಾಹಕ ಅಧಿಕಾರಿಗಳಿಗೆ ಮನವಿ ಸಲ್ಲಿಸಿದರು. ಗ್ರಾಮ ಪಂಚಾಯಿತಿ ಸದಸ್ಯರು ಇದ್ದರು.
ಯ್ಯ ಮಾತನಾಡಿ ಸಾಮಾನ್ಯ ಸಭೆಯಲ್ಲಿ ತೀರ್ಮಾನಗಳನ್ನು ಗ್ರಾಮ ಪಂಚಾಯಿತಿ ಸದಸ್ಯರೊಂದಿಗೆ ಚರ್ಚಿಸದೆ ಏಕಪಕ್ಷೀಯವಾಗಿ ತೆಗೆದುಕೊಳ್ಳಲಾಗುತ್ತಿದೆ. ಇದು ಪ್ರಜಾಪ್ರಭುತ್ವ ವ್ಯವಸ್ಥೆಗೆ ವಿರುದ್ಧವಾಗಿದೆ. ಮೇಲಧಿಕಾರಿಗಳು ಕೂಡಲೇ ಕ್ರಮ ಕೈಗೊಳ್ಳಬೇಕು ಎಂದು ಒತ್ತಾಯಿಸಿದರು. ಸದಸ್ಯರಾದ ರಾಜಣ್ಣ, ತಿಪ್ಪೇಸ್ವಾಮಿ, ನಾಗರಾಜ್ ಹಾಗೂ ಇತರರು ಇದ್ದರು.
ಯ್ಯ ಮಾತನಾಡಿ ಸಾಮಾನ್ಯ ಸಭೆಯಲ್ಲಿ ತೀರ್ಮಾನಗಳನ್ನು ಗ್ರಾಮ ಪಂಚಾಯಿತಿ ಸದಸ್ಯರೊಂದಿಗೆ ಚರ್ಚಿಸದೆ ಏಕಪಕ್ಷೀಯವಾಗಿ ತೆಗೆದುಕೊಳ್ಳಲಾಗುತ್ತಿದೆ. ಇದು ಪ್ರಜಾಪ್ರಭುತ್ವ ವ್ಯವಸ್ಥೆಗೆ ವಿರುದ್ಧವಾಗಿದೆ. ಮೇಲಧಿಕಾರಿಗಳು ಕೂಡಲೇ ಕ್ರಮ ಕೈಗೊಳ್ಳಬೇಕು ಎಂದು ಒತ್ತಾಯಿಸಿದರು. ಸದಸ್ಯರಾದ ರಾಜಣ್ಣ, ತಿಪ್ಪೇಸ್ವಾಮಿ, ನಾಗರಾಜ್ ಹಾಗೂ ಇತರರು ಇದ್ದರು.
